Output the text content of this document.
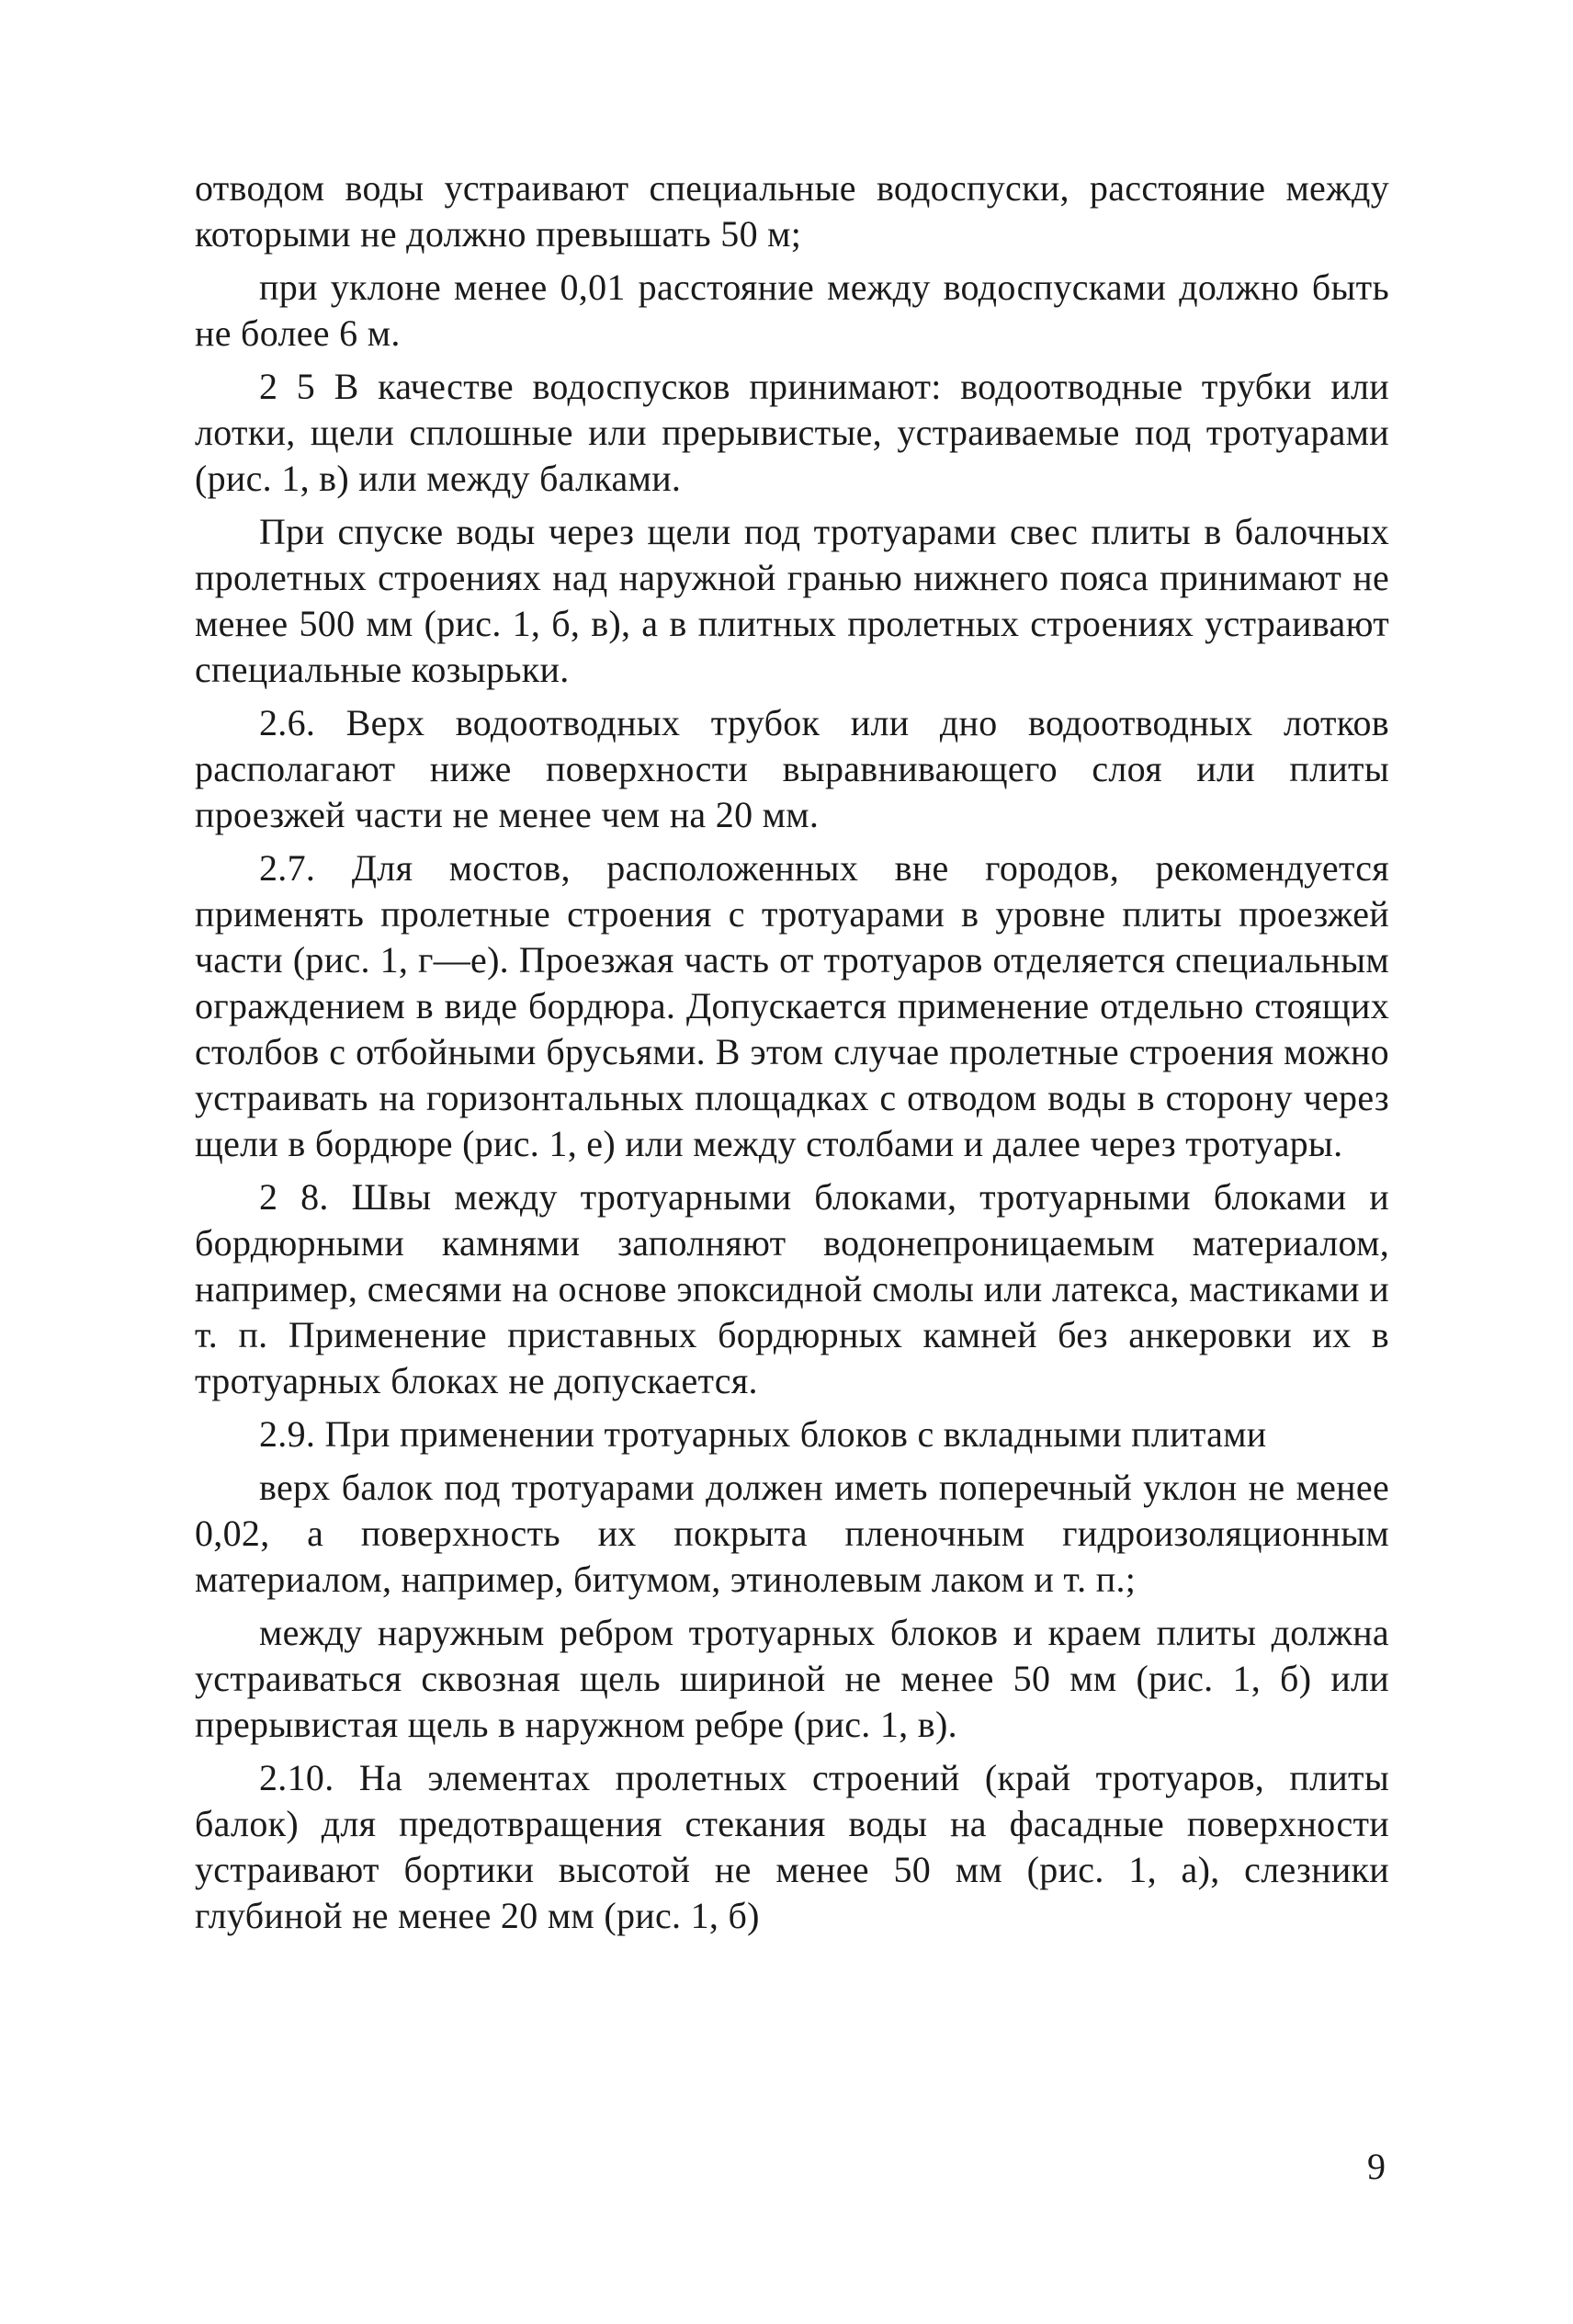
отводом воды устраивают специальные водоспуски, расстояние между которыми не должно превышать 50 м;

при уклоне менее 0,01 расстояние между водоспусками должно быть не более 6 м.

2 5 В качестве водоспусков принимают: водоотводные трубки или лотки, щели сплошные или прерывистые, устраиваемые под тротуарами (рис. 1, в) или между балками.

При спуске воды через щели под тротуарами свес плиты в балочных пролетных строениях над наружной гранью нижнего пояса принимают не менее 500 мм (рис. 1, б, в), а в плитных пролетных строениях устраивают специальные козырьки.

2.6. Верх водоотводных трубок или дно водоотводных лотков располагают ниже поверхности выравнивающего слоя или плиты проезжей части не менее чем на 20 мм.

2.7. Для мостов, расположенных вне городов, рекомендуется применять пролетные строения с тротуарами в уровне плиты проезжей части (рис. 1, г—е). Проезжая часть от тротуаров отделяется специальным ограждением в виде бордюра. Допускается применение отдельно стоящих столбов с отбойными брусьями. В этом случае пролетные строения можно устраивать на горизонтальных площадках с отводом воды в сторону через щели в бордюре (рис. 1, е) или между столбами и далее через тротуары.

2 8. Швы между тротуарными блоками, тротуарными блоками и бордюрными камнями заполняют водонепроницаемым материалом, например, смесями на основе эпоксидной смолы или латекса, мастиками и т. п. Применение приставных бордюрных камней без анкеровки их в тротуарных блоках не допускается.

2.9. При применении тротуарных блоков с вкладными плитами

верх балок под тротуарами должен иметь поперечный уклон не менее 0,02, а поверхность их покрыта пленочным гидроизоляционным материалом, например, битумом, этинолевым лаком и т. п.;

между наружным ребром тротуарных блоков и краем плиты должна устраиваться сквозная щель шириной не менее 50 мм (рис. 1, б) или прерывистая щель в наружном ребре (рис. 1, в).

2.10. На элементах пролетных строений (край тротуаров, плиты балок) для предотвращения стекания воды на фасадные поверхности устраивают бортики высотой не менее 50 мм (рис. 1, а), слезники глубиной не менее 20 мм (рис. 1, б)

9
